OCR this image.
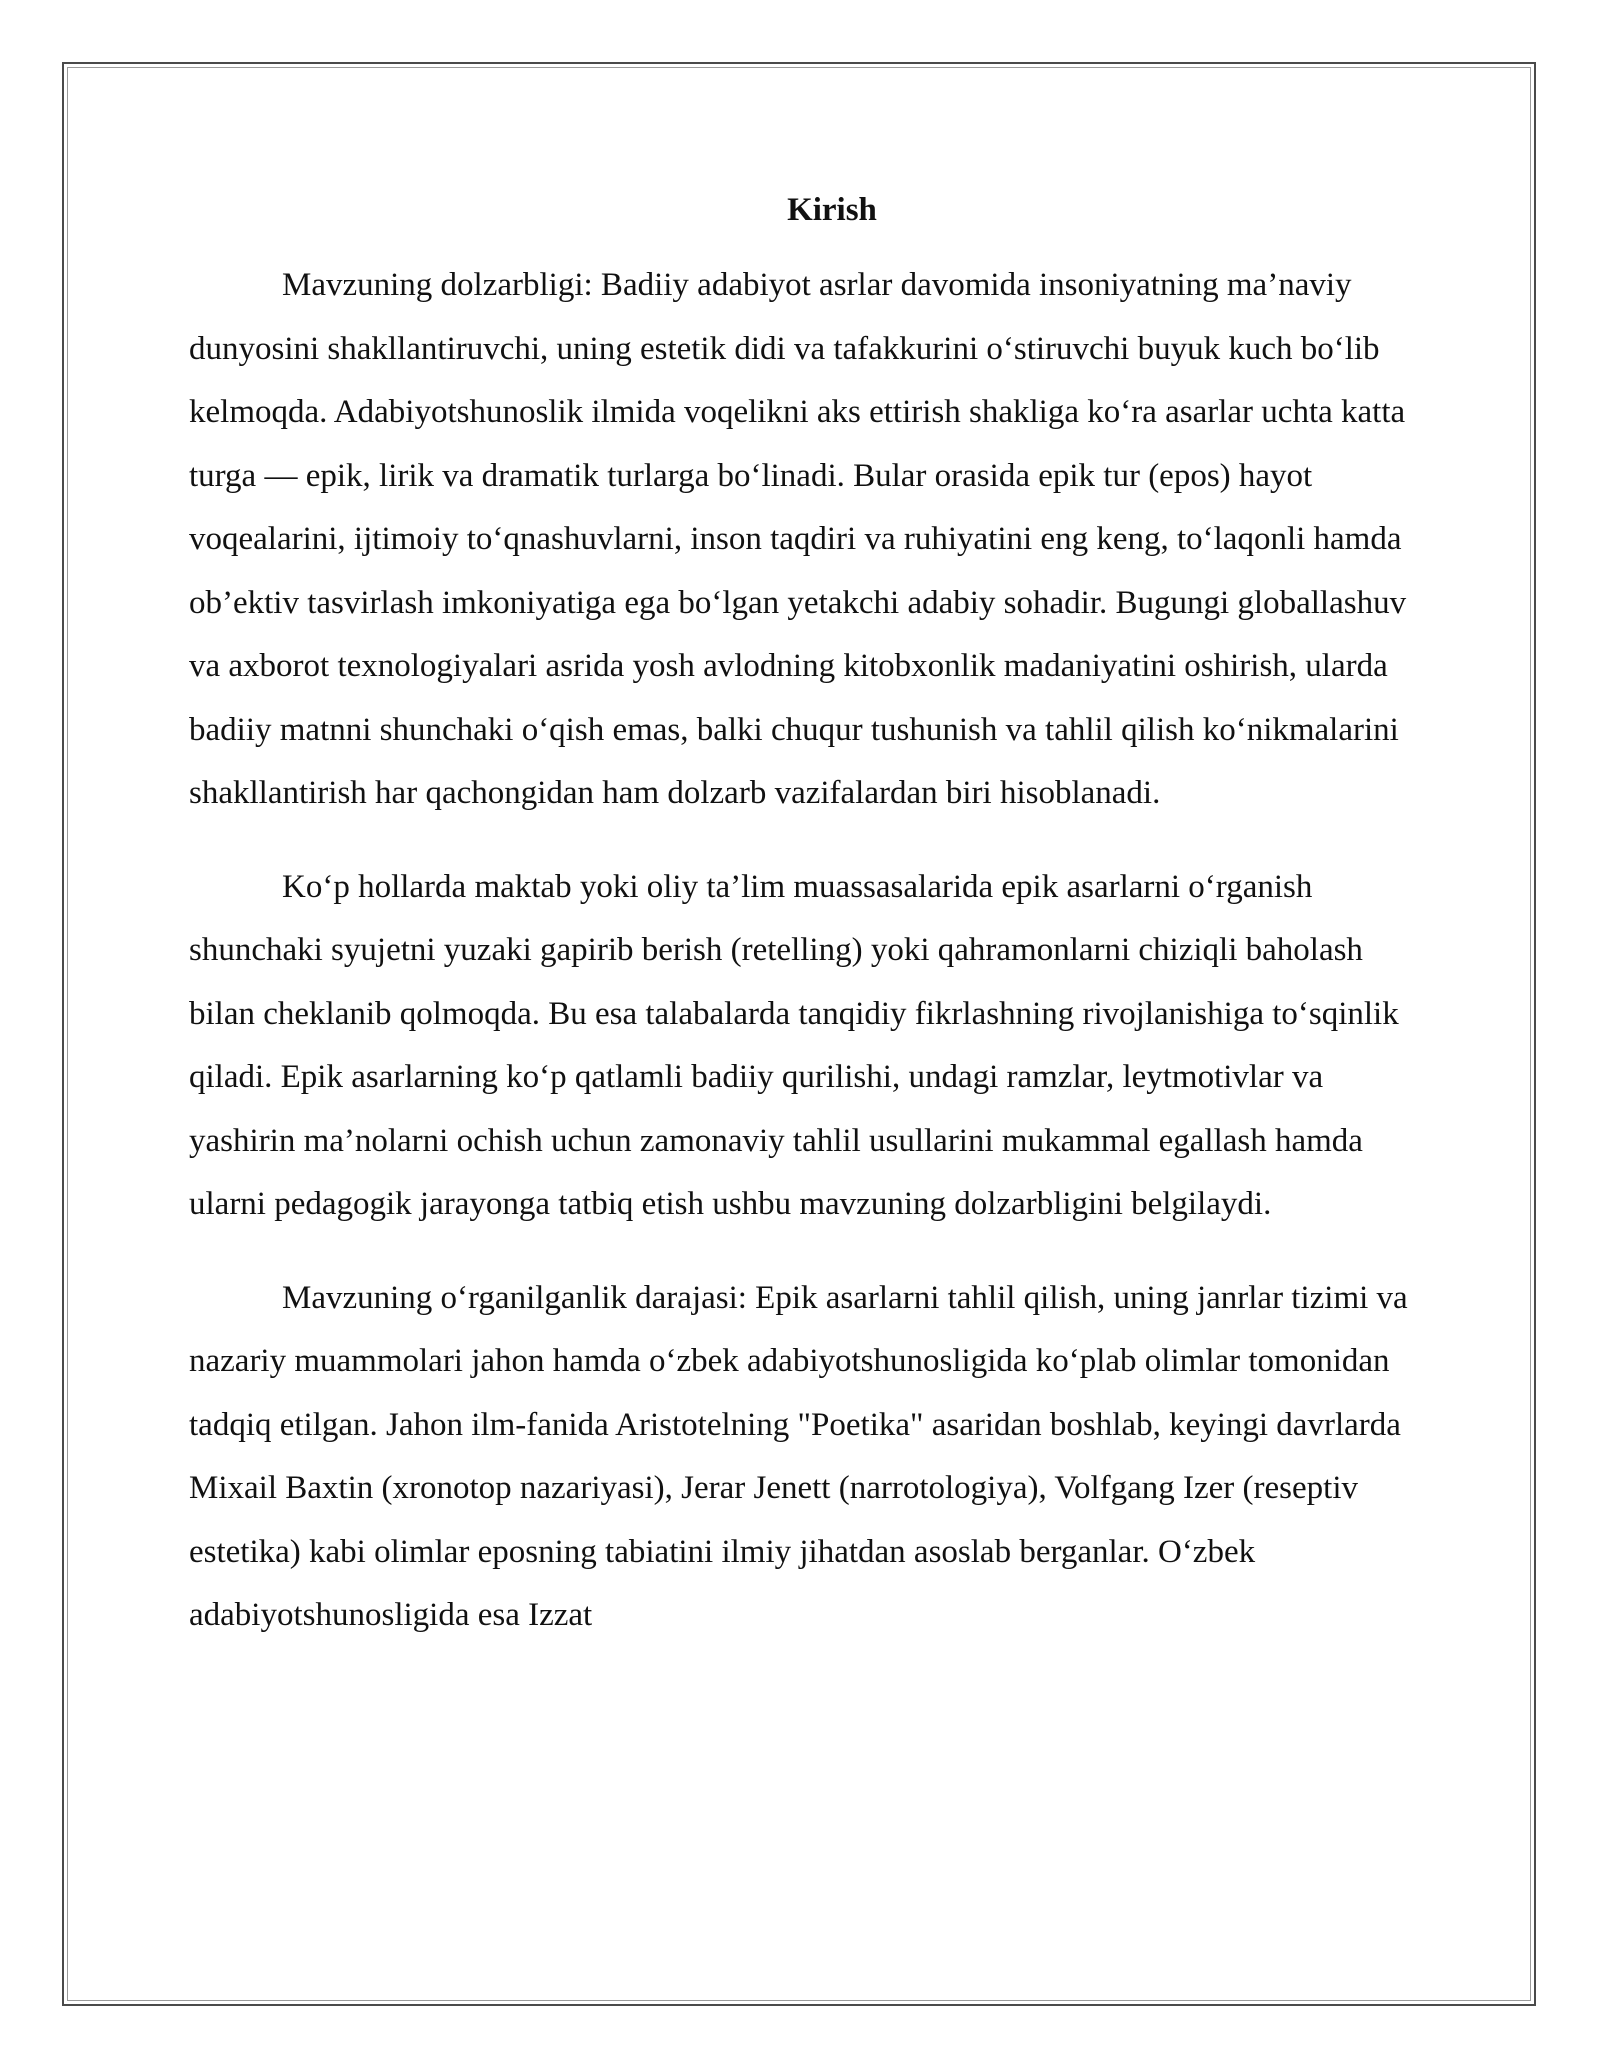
Kirish

Mavzuning dolzarbligi: Badiiy adabiyot asrlar davomida insoniyatning ma’naviy dunyosini shakllantiruvchi, uning estetik didi va tafakkurini o‘stiruvchi buyuk kuch bo‘lib kelmoqda. Adabiyotshunoslik ilmida voqelikni aks ettirish shakliga ko‘ra asarlar uchta katta turga — epik, lirik va dramatik turlarga bo‘linadi. Bular orasida epik tur (epos) hayot voqealarini, ijtimoiy to‘qnashuvlarni, inson taqdiri va ruhiyatini eng keng, to‘laqonli hamda ob’ektiv tasvirlash imkoniyatiga ega bo‘lgan yetakchi adabiy sohadir. Bugungi globallashuv va axborot texnologiyalari asrida yosh avlodning kitobxonlik madaniyatini oshirish, ularda badiiy matnni shunchaki o‘qish emas, balki chuqur tushunish va tahlil qilish ko‘nikmalarini shakllantirish har qachongidan ham dolzarb vazifalardan biri hisoblanadi.

Ko‘p hollarda maktab yoki oliy ta’lim muassasalarida epik asarlarni o‘rganish shunchaki syujetni yuzaki gapirib berish (retelling) yoki qahramonlarni chiziqli baholash bilan cheklanib qolmoqda. Bu esa talabalarda tanqidiy fikrlashning rivojlanishiga to‘sqinlik qiladi. Epik asarlarning ko‘p qatlamli badiiy qurilishi, undagi ramzlar, leytmotivlar va yashirin ma’nolarni ochish uchun zamonaviy tahlil usullarini mukammal egallash hamda ularni pedagogik jarayonga tatbiq etish ushbu mavzuning dolzarbligini belgilaydi.

Mavzuning o‘rganilganlik darajasi: Epik asarlarni tahlil qilish, uning janrlar tizimi va nazariy muammolari jahon hamda o‘zbek adabiyotshunosligida ko‘plab olimlar tomonidan tadqiq etilgan. Jahon ilm-fanida Aristotelning "Poetika" asaridan boshlab, keyingi davrlarda Mixail Baxtin (xronotop nazariyasi), Jerar Jenett (narrotologiya), Volfgang Izer (reseptiv estetika) kabi olimlar eposning tabiatini ilmiy jihatdan asoslab berganlar. O‘zbek adabiyotshunosligida esa Izzat
